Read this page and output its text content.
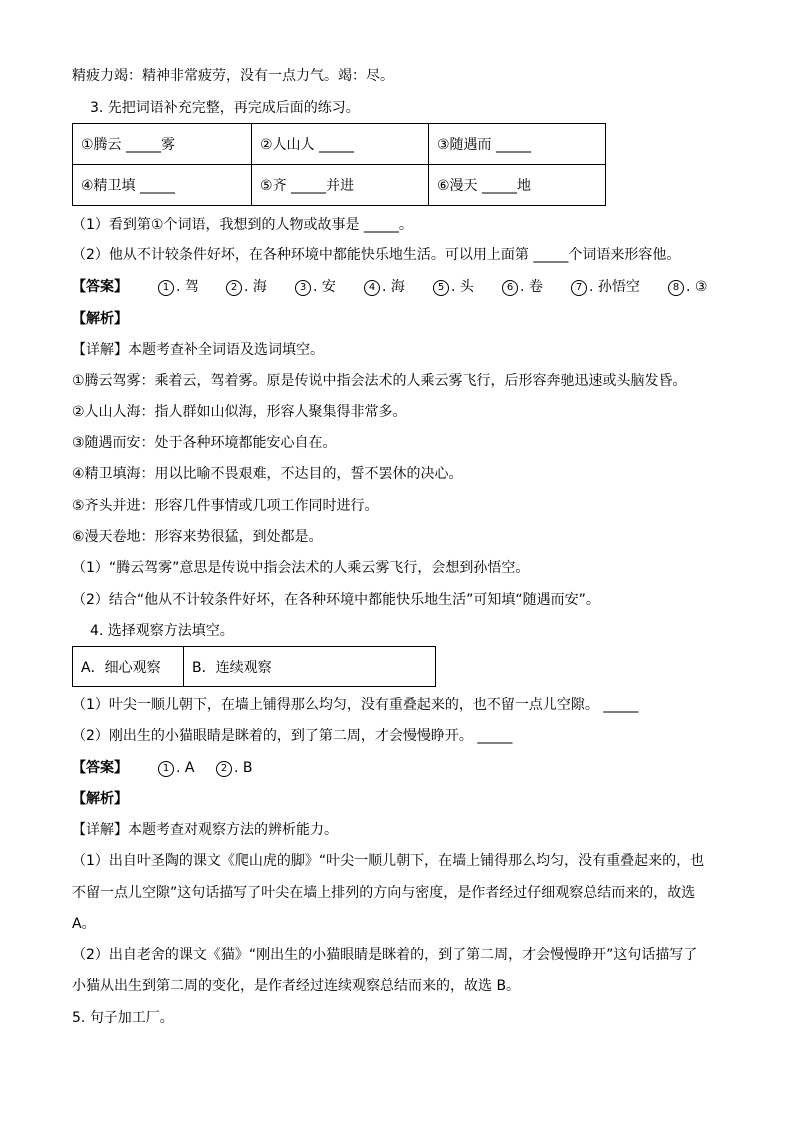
精疲力竭：精神非常疲劳，没有一点力气。竭：尽。
3. 先把词语补充完整，再完成后面的练习。
①腾云 _____雾	②人山人 _____	③随遇而 _____
④精卫填 _____	⑤齐 _____并进	⑥漫天 _____地
（1）看到第①个词语，我想到的人物或故事是 _____。
（2）他从不计较条件好坏，在各种环境中都能快乐地生活。可以用上面第 _____个词语来形容他。
【答案】	1 . 驾	2 . 海	3 . 安	4 . 海	5 . 头	6 . 卷	7 . 孙悟空	8 . ③
【解析】
【详解】本题考查补全词语及选词填空。
①腾云驾雾：乘着云，驾着雾。原是传说中指会法术的人乘云雾飞行，后形容奔驰迅速或头脑发昏。
②人山人海：指人群如山似海，形容人聚集得非常多。
③随遇而安：处于各种环境都能安心自在。
④精卫填海：用以比喻不畏艰难，不达目的，誓不罢休的决心。
⑤齐头并进：形容几件事情或几项工作同时进行。
⑥漫天卷地：形容来势很猛，到处都是。
（1）“腾云驾雾”意思是传说中指会法术的人乘云雾飞行，会想到孙悟空。
（2）结合“他从不计较条件好坏，在各种环境中都能快乐地生活”可知填“随遇而安”。
4. 选择观察方法填空。
A．细心观察	B．连续观察
（1）叶尖一顺儿朝下，在墙上铺得那么均匀，没有重叠起来的，也不留一点儿空隙。 _____
（2）刚出生的小猫眼睛是眯着的，到了第二周，才会慢慢睁开。 _____
【答案】	1 . A	2 . B
【解析】
【详解】本题考查对观察方法的辨析能力。
（1）出自叶圣陶的课文《爬山虎的脚》“叶尖一顺儿朝下，在墙上铺得那么均匀，没有重叠起来的，也
不留一点儿空隙”这句话描写了叶尖在墙上排列的方向与密度，是作者经过仔细观察总结而来的，故选
A。
（2）出自老舍的课文《猫》“刚出生的小猫眼睛是眯着的，到了第二周，才会慢慢睁开”这句话描写了
小猫从出生到第二周的变化，是作者经过连续观察总结而来的，故选 B。
5. 句子加工厂。
